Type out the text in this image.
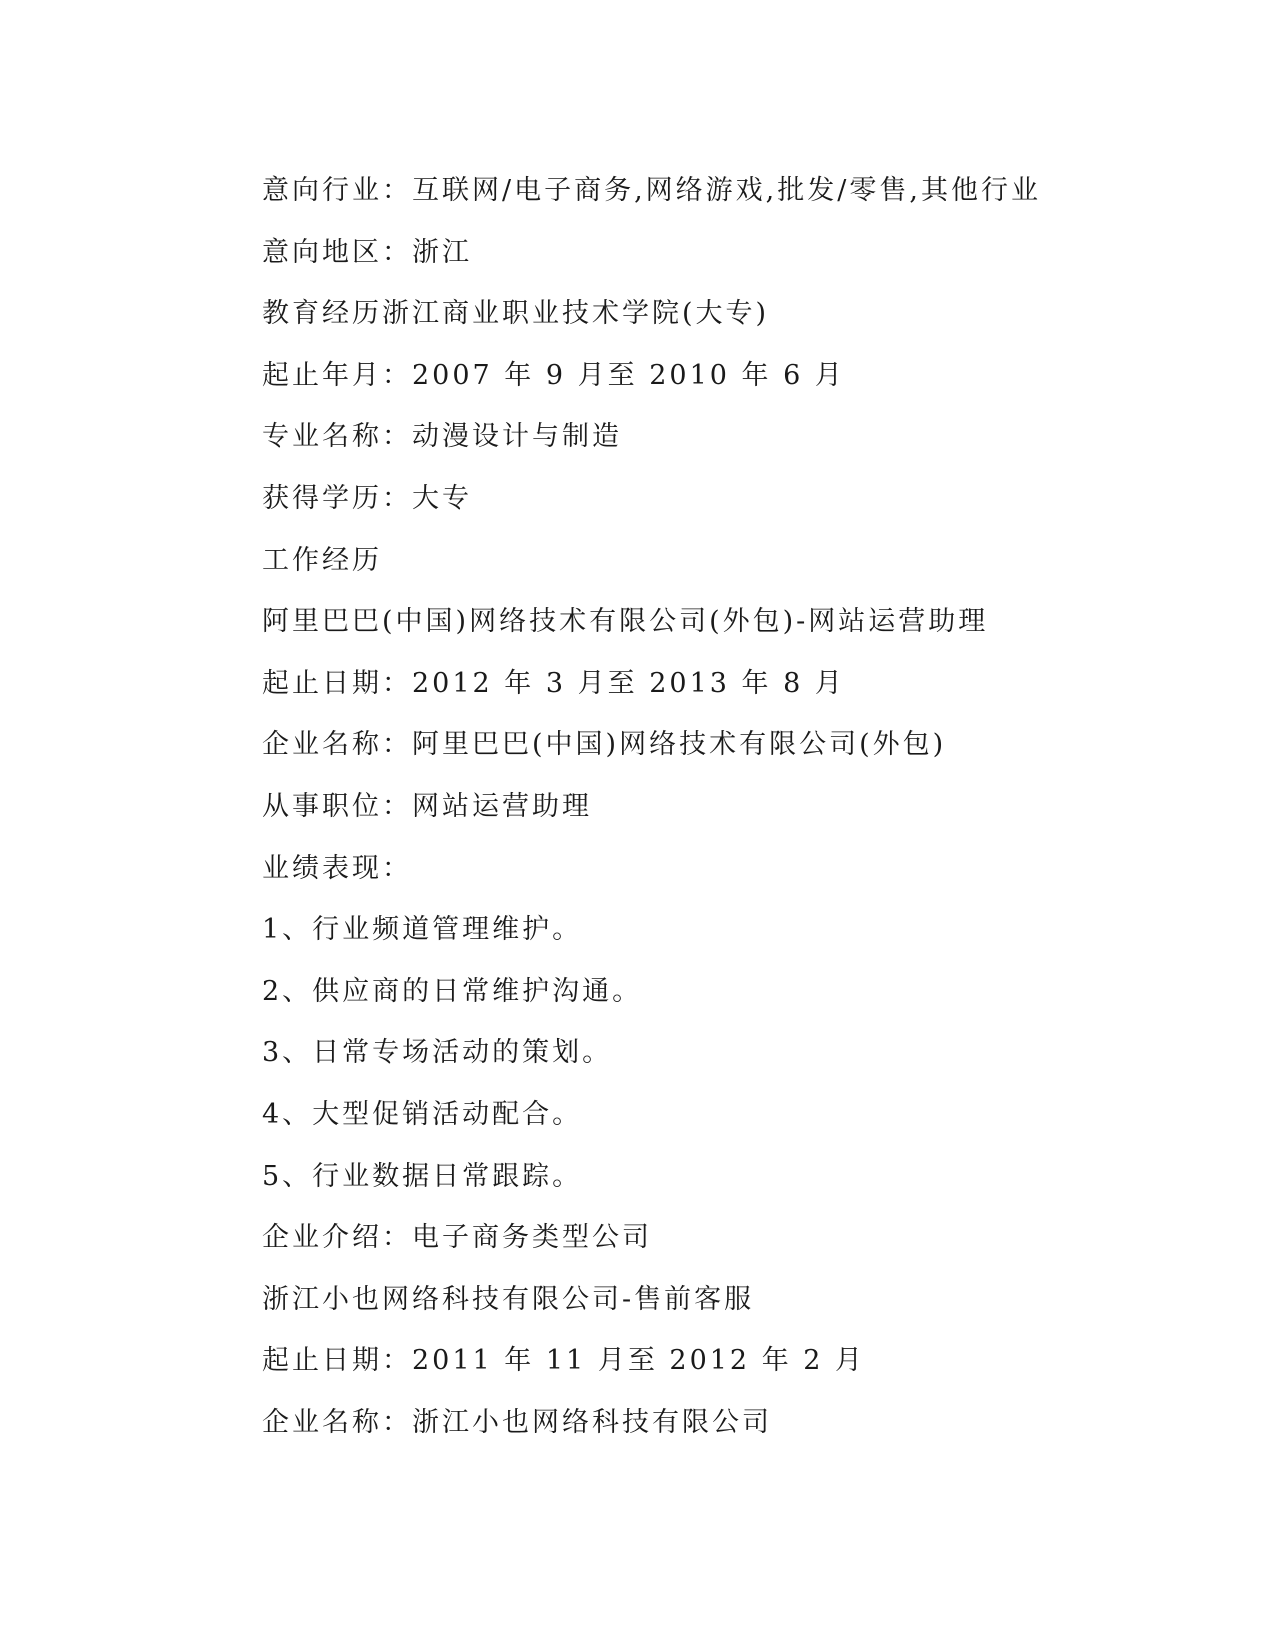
意向行业：互联网/电子商务,网络游戏,批发/零售,其他行业
意向地区：浙江
教育经历浙江商业职业技术学院(大专)
起止年月：2007 年 9 月至 2010 年 6 月
专业名称：动漫设计与制造
获得学历：大专
工作经历
阿里巴巴(中国)网络技术有限公司(外包)-网站运营助理
起止日期：2012 年 3 月至 2013 年 8 月
企业名称：阿里巴巴(中国)网络技术有限公司(外包)
从事职位：网站运营助理
业绩表现：
1、行业频道管理维护。
2、供应商的日常维护沟通。
3、日常专场活动的策划。
4、大型促销活动配合。
5、行业数据日常跟踪。
企业介绍：电子商务类型公司
浙江小也网络科技有限公司-售前客服
起止日期：2011 年 11 月至 2012 年 2 月
企业名称：浙江小也网络科技有限公司
